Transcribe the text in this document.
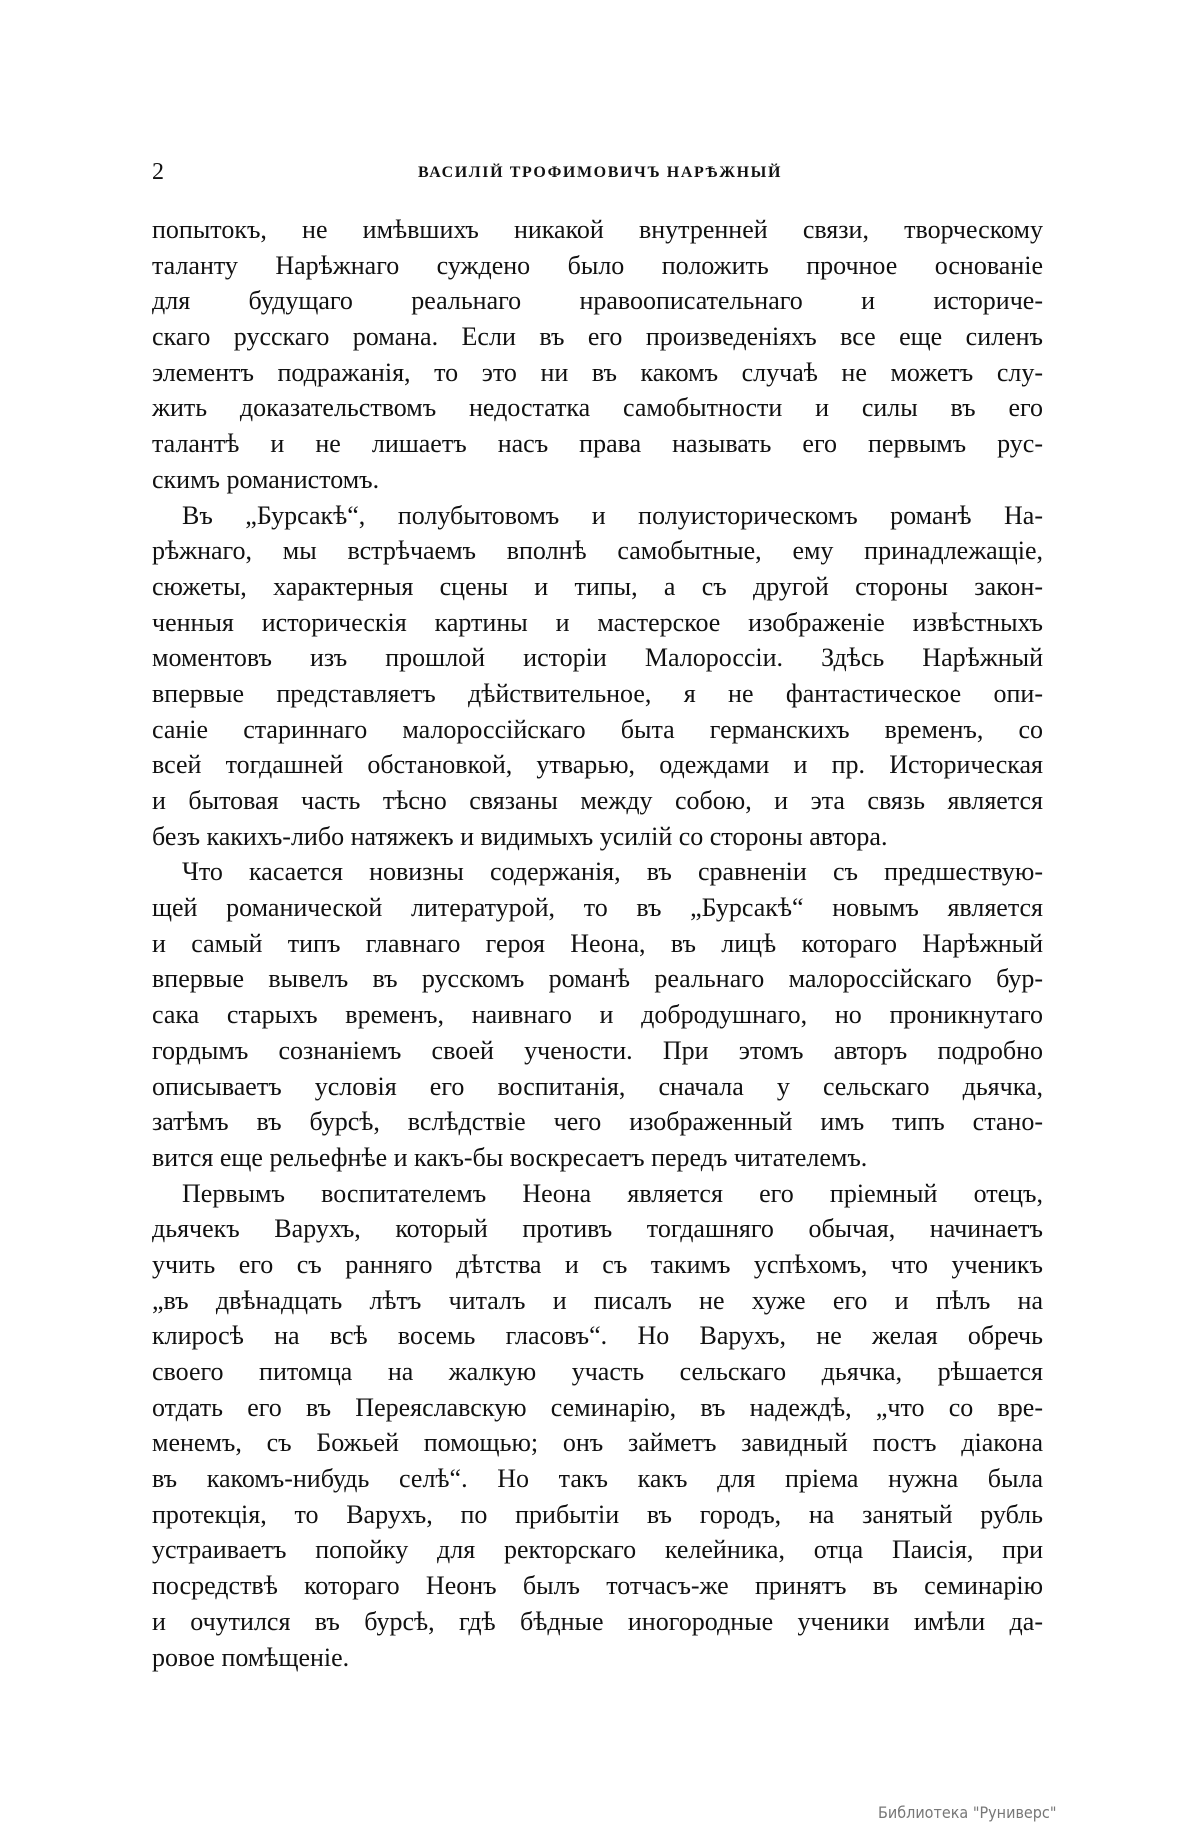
2	ВАСИЛІЙ ТРОФИМОВИЧЪ НАРѢЖНЫЙ
попытокъ, не имѣвшихъ никакой внутренней связи, творческому
таланту Нарѣжнаго суждено было положить прочное основаніе
для будущаго реальнаго нравоописательнаго и историче-
скаго русскаго романа. Если въ его произведеніяхъ все еще силенъ
элементъ подражанія, то это ни въ какомъ случаѣ не можетъ слу-
жить доказательствомъ недостатка самобытности и силы въ его
талантѣ и не лишаетъ насъ права называть его первымъ рус-
скимъ романистомъ.
Въ „Бурсакѣ“, полубытовомъ и полуисторическомъ романѣ На-
рѣжнаго, мы встрѣчаемъ вполнѣ самобытные, ему принадлежащіе,
сюжеты, характерныя сцены и типы, а съ другой стороны закон-
ченныя историческія картины и мастерское изображеніе извѣстныхъ
моментовъ изъ прошлой исторіи Малороссіи. Здѣсь Нарѣжный
впервые представляетъ дѣйствительное, я не фантастическое опи-
саніе стариннаго малороссійскаго быта германскихъ временъ, со
всей тогдашней обстановкой, утварью, одеждами и пр. Историческая
и бытовая часть тѣсно связаны между собою, и эта связь является
безъ какихъ-либо натяжекъ и видимыхъ усилій со стороны автора.
Что касается новизны содержанія, въ сравненіи съ предшествую-
щей романической литературой, то въ „Бурсакѣ“ новымъ является
и самый типъ главнаго героя Неона, въ лицѣ котораго Нарѣжный
впервые вывелъ въ русскомъ романѣ реальнаго малороссійскаго бур-
сака старыхъ временъ, наивнаго и добродушнаго, но проникнутаго
гордымъ сознаніемъ своей учености. При этомъ авторъ подробно
описываетъ условія его воспитанія, сначала у сельскаго дьячка,
затѣмъ въ бурсѣ, вслѣдствіе чего изображенный имъ типъ стано-
вится еще рельефнѣе и какъ-бы воскресаетъ передъ читателемъ.
Первымъ воспитателемъ Неона является его пріемный отецъ,
дьячекъ Варухъ, который противъ тогдашняго обычая, начинаетъ
учить его съ ранняго дѣтства и съ такимъ успѣхомъ, что ученикъ
„въ двѣнадцать лѣтъ читалъ и писалъ не хуже его и пѣлъ на
клиросѣ на всѣ восемь гласовъ“. Но Варухъ, не желая обречь
своего питомца на жалкую участь сельскаго дьячка, рѣшается
отдать его въ Переяславскую семинарію, въ надеждѣ, „что со вре-
менемъ, съ Божьей помощью; онъ займетъ завидный постъ діакона
въ какомъ-нибудь селѣ“. Но такъ какъ для пріема нужна была
протекція, то Варухъ, по прибытіи въ городъ, на занятый рубль
устраиваетъ попойку для ректорскаго келейника, отца Паисія, при
посредствѣ котораго Неонъ былъ тотчасъ-же принятъ въ семинарію
и очутился въ бурсѣ, гдѣ бѣдные иногородные ученики имѣли да-
ровое помѣщеніе.
Библиотека "Руниверс"
